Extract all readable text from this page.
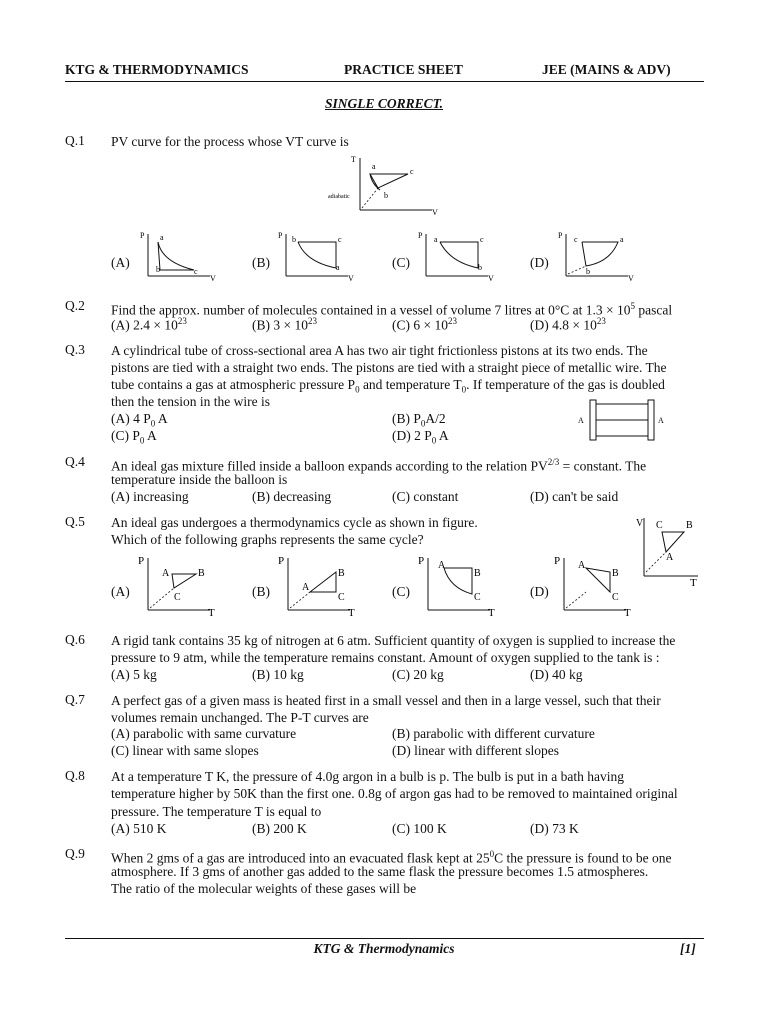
KTG & THERMODYNAMICS	PRACTICE SHEET	JEE (MAINS & ADV)
SINGLE CORRECT.
Q.1 PV curve for the process whose VT curve is
T
V
a
c
b
adiabatic
(A)
P
V
a
b	c
(B)
P
V
b	c
a	(C)
P
V
a	c
b	(D)
P
V
c	a
b
Q.2 Find the approx. number of molecules contained in a vessel of volume 7 litres at 0°C at $1.3 \times 10^5$ pascal
(A) $2.4 \times 10^{23}$	(B) $3 \times 10^{23}$	(C) $6 \times 10^{23}$	(D) $4.8 \times 10^{23}$
Q.3 A cylindrical tube of cross-sectional area A has two air tight frictionless pistons at its two ends. The
pistons are tied with a straight two ends. The pistons are tied with a straight piece of metallic wire. The
tube contains a gas at atmospheric pressure $P_0$ and temperature $T_0$. If temperature of the gas is doubled
then the tension in the wire is
(A) 4 $P_0$ A	(B) $P_0A/2$
(C) $P_0$ A	(D) 2 $P_0$ A
A	A
Q.4 An ideal gas mixture filled inside a balloon expands according to the relation $PV^{2/3}$ = constant. The
temperature inside the balloon is
(A) increasing	(B) decreasing	(C) constant	(D) can't be said
Q.5 An ideal gas undergoes a thermodynamics cycle as shown in figure.
Which of the following graphs represents the same cycle?
V
T
C B
A
(A)
P
T
A	B
C	(B)
P
T
A
B
C	(C)
P
T
A
B
C	(D)
P
T
A
B
C
Q.6 A rigid tank contains 35 kg of nitrogen at 6 atm. Sufficient quantity of oxygen is supplied to increase the
pressure to 9 atm, while the temperature remains constant. Amount of oxygen supplied to the tank is :
(A) 5 kg	(B) 10 kg	(C) 20 kg	(D) 40 kg
Q.7 A perfect gas of a given mass is heated first in a small vessel and then in a large vessel, such that their
volumes remain unchanged. The P-T curves are
(A) parabolic with same curvature	(B) parabolic with different curvature
(C) linear with same slopes	(D) linear with different slopes
Q.8 At a temperature T K, the pressure of 4.0g argon in a bulb is p. The bulb is put in a bath having
temperature higher by 50K than the first one. 0.8g of argon gas had to be removed to maintained original
pressure. The temperature T is equal to
(A) 510 K	(B) 200 K	(C) 100 K	(D) 73 K
Q.9 When 2 gms of a gas are introduced into an evacuated flask kept at $25^0C$ the pressure is found to be one
atmosphere. If 3 gms of another gas added to the same flask the pressure becomes 1.5 atmospheres.
The ratio of the molecular weights of these gases will be
KTG & Thermodynamics	[1]
